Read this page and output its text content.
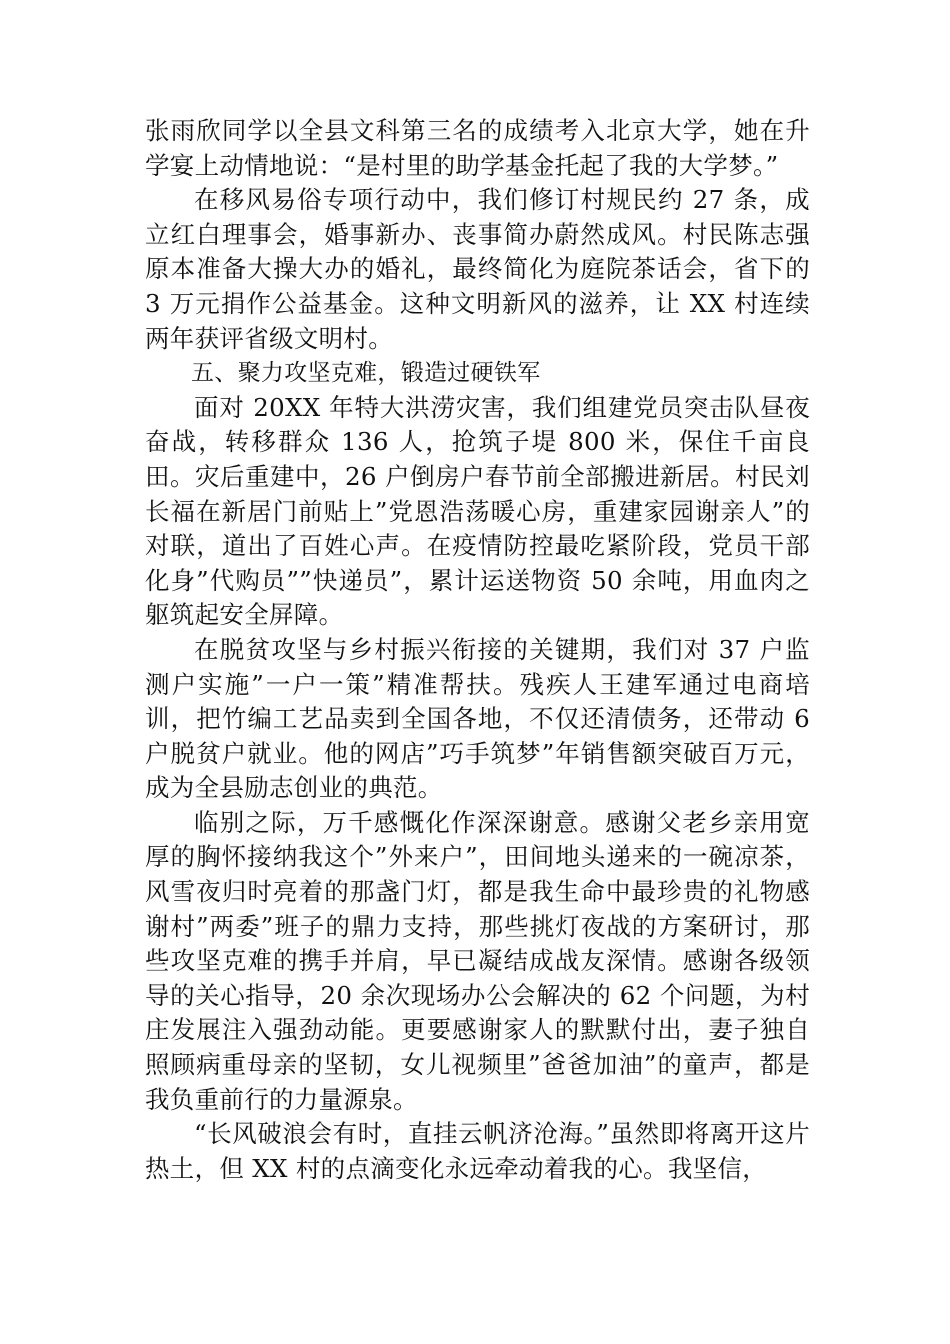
张雨欣同学以全县文科第三名的成绩考入北京大学，她在升学宴上动情地说：“是村里的助学基金托起了我的大学梦。”

在移风易俗专项行动中，我们修订村规民约 27 条，成立红白理事会，婚事新办、丧事简办蔚然成风。村民陈志强原本准备大操大办的婚礼，最终简化为庭院茶话会，省下的 3 万元捐作公益基金。这种文明新风的滋养，让 XX 村连续两年获评省级文明村。

五、聚力攻坚克难，锻造过硬铁军

面对 20XX 年特大洪涝灾害，我们组建党员突击队昼夜奋战，转移群众 136 人，抢筑子堤 800 米，保住千亩良田。灾后重建中，26 户倒房户春节前全部搬进新居。村民刘长福在新居门前贴上”党恩浩荡暖心房，重建家园谢亲人”的对联，道出了百姓心声。在疫情防控最吃紧阶段，党员干部化身”代购员””快递员”，累计运送物资 50 余吨，用血肉之躯筑起安全屏障。

在脱贫攻坚与乡村振兴衔接的关键期，我们对 37 户监测户实施”一户一策”精准帮扶。残疾人王建军通过电商培训，把竹编工艺品卖到全国各地，不仅还清债务，还带动 6 户脱贫户就业。他的网店”巧手筑梦”年销售额突破百万元，成为全县励志创业的典范。

临别之际，万千感慨化作深深谢意。感谢父老乡亲用宽厚的胸怀接纳我这个”外来户”，田间地头递来的一碗凉茶，风雪夜归时亮着的那盏门灯，都是我生命中最珍贵的礼物感谢村”两委”班子的鼎力支持，那些挑灯夜战的方案研讨，那些攻坚克难的携手并肩，早已凝结成战友深情。感谢各级领导的关心指导，20 余次现场办公会解决的 62 个问题，为村庄发展注入强劲动能。更要感谢家人的默默付出，妻子独自照顾病重母亲的坚韧，女儿视频里”爸爸加油”的童声，都是我负重前行的力量源泉。

“长风破浪会有时，直挂云帆济沧海。”虽然即将离开这片热土，但 XX 村的点滴变化永远牵动着我的心。我坚信，
